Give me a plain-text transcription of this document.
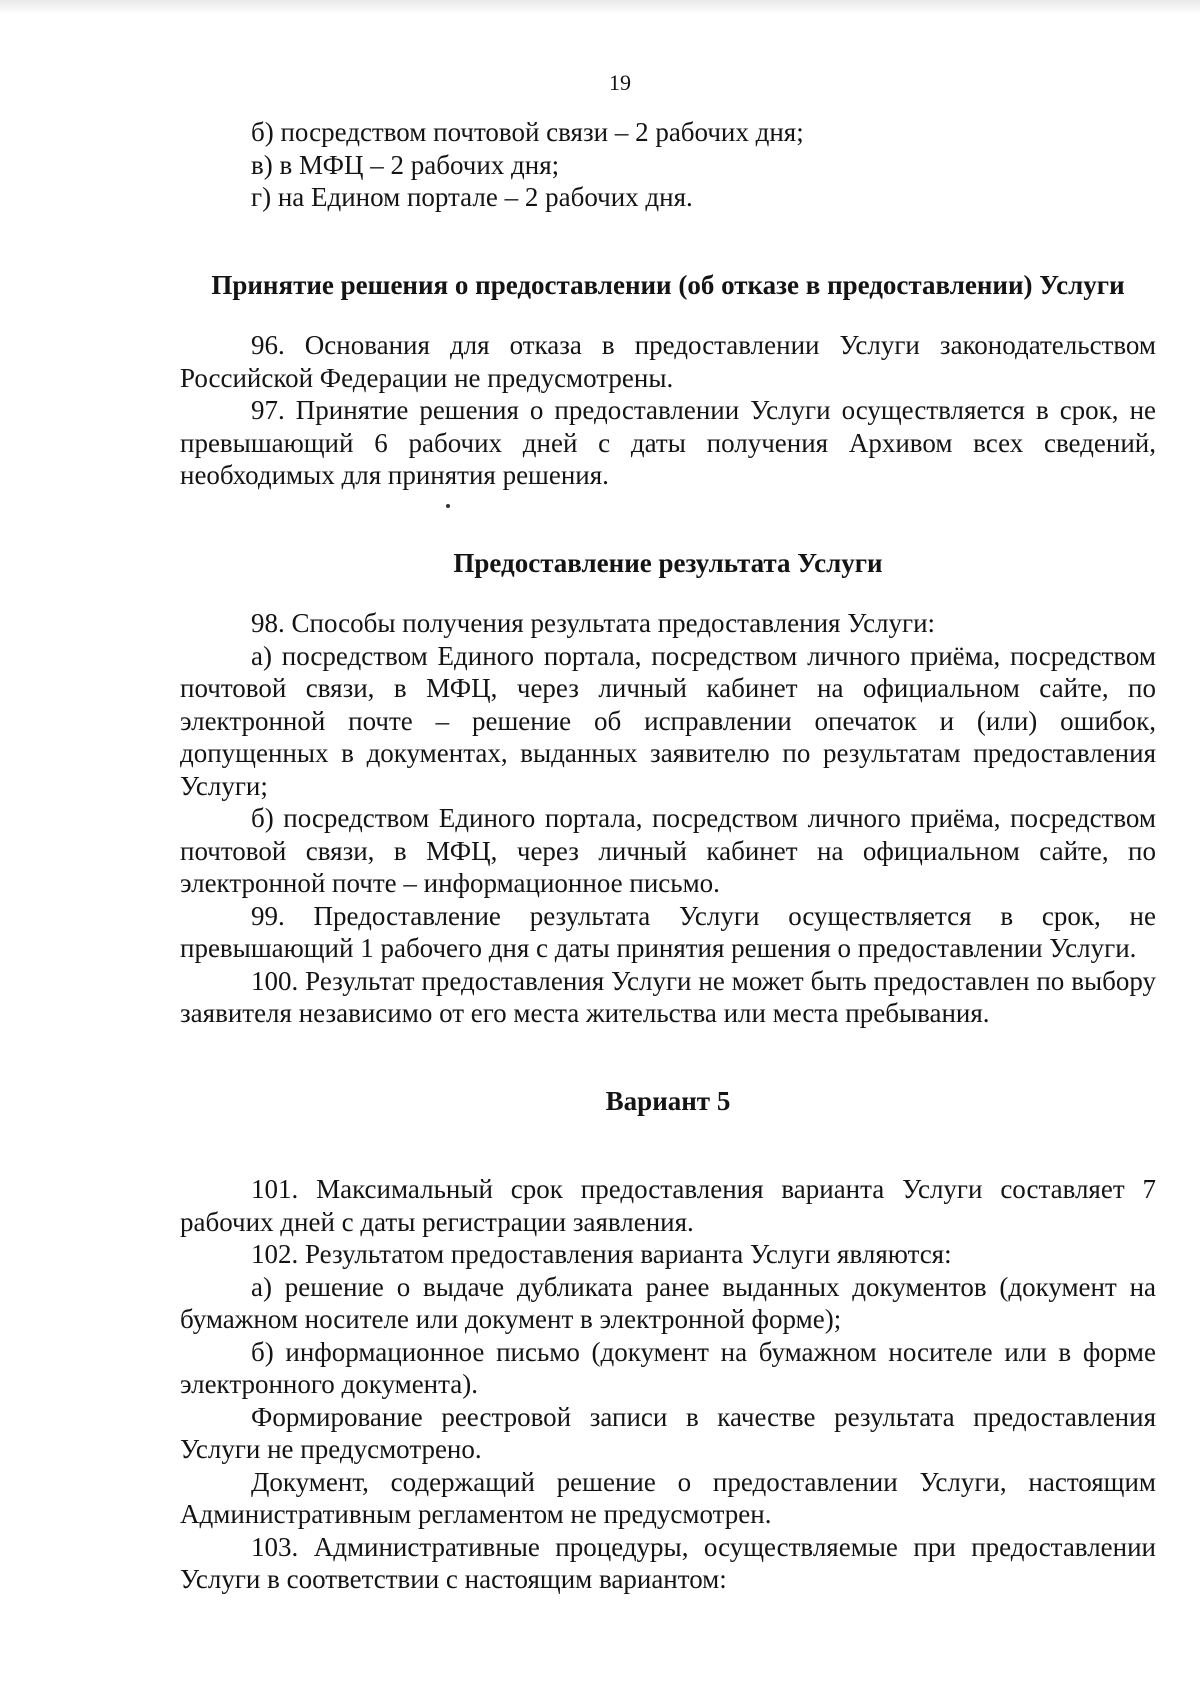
19

б) посредством почтовой связи – 2 рабочих дня;

в) в МФЦ – 2 рабочих дня;

г) на Едином портале – 2 рабочих дня.

Принятие решения о предоставлении (об отказе в предоставлении) Услуги

96. Основания для отказа в предоставлении Услуги законодательством Российской Федерации не предусмотрены.

97. Принятие решения о предоставлении Услуги осуществляется в срок, не превышающий 6 рабочих дней с даты получения Архивом всех сведений, необходимых для принятия решения.

Предоставление результата Услуги

98. Способы получения результата предоставления Услуги:

а) посредством Единого портала, посредством личного приёма, посредством почтовой связи, в МФЦ, через личный кабинет на официальном сайте, по электронной почте – решение об исправлении опечаток и (или) ошибок, допущенных в документах, выданных заявителю по результатам предоставления Услуги;

б) посредством Единого портала, посредством личного приёма, посредством почтовой связи, в МФЦ, через личный кабинет на официальном сайте, по электронной почте – информационное письмо.

99. Предоставление результата Услуги осуществляется в срок, не превышающий 1 рабочего дня с даты принятия решения о предоставлении Услуги.

100. Результат предоставления Услуги не может быть предоставлен по выбору заявителя независимо от его места жительства или места пребывания.

Вариант 5

101. Максимальный срок предоставления варианта Услуги составляет 7 рабочих дней с даты регистрации заявления.

102. Результатом предоставления варианта Услуги являются:

а) решение о выдаче дубликата ранее выданных документов (документ на бумажном носителе или документ в электронной форме);

б) информационное письмо (документ на бумажном носителе или в форме электронного документа).

Формирование реестровой записи в качестве результата предоставления Услуги не предусмотрено.

Документ, содержащий решение о предоставлении Услуги, настоящим Административным регламентом не предусмотрен.

103. Административные процедуры, осуществляемые при предоставлении Услуги в соответствии с настоящим вариантом:
